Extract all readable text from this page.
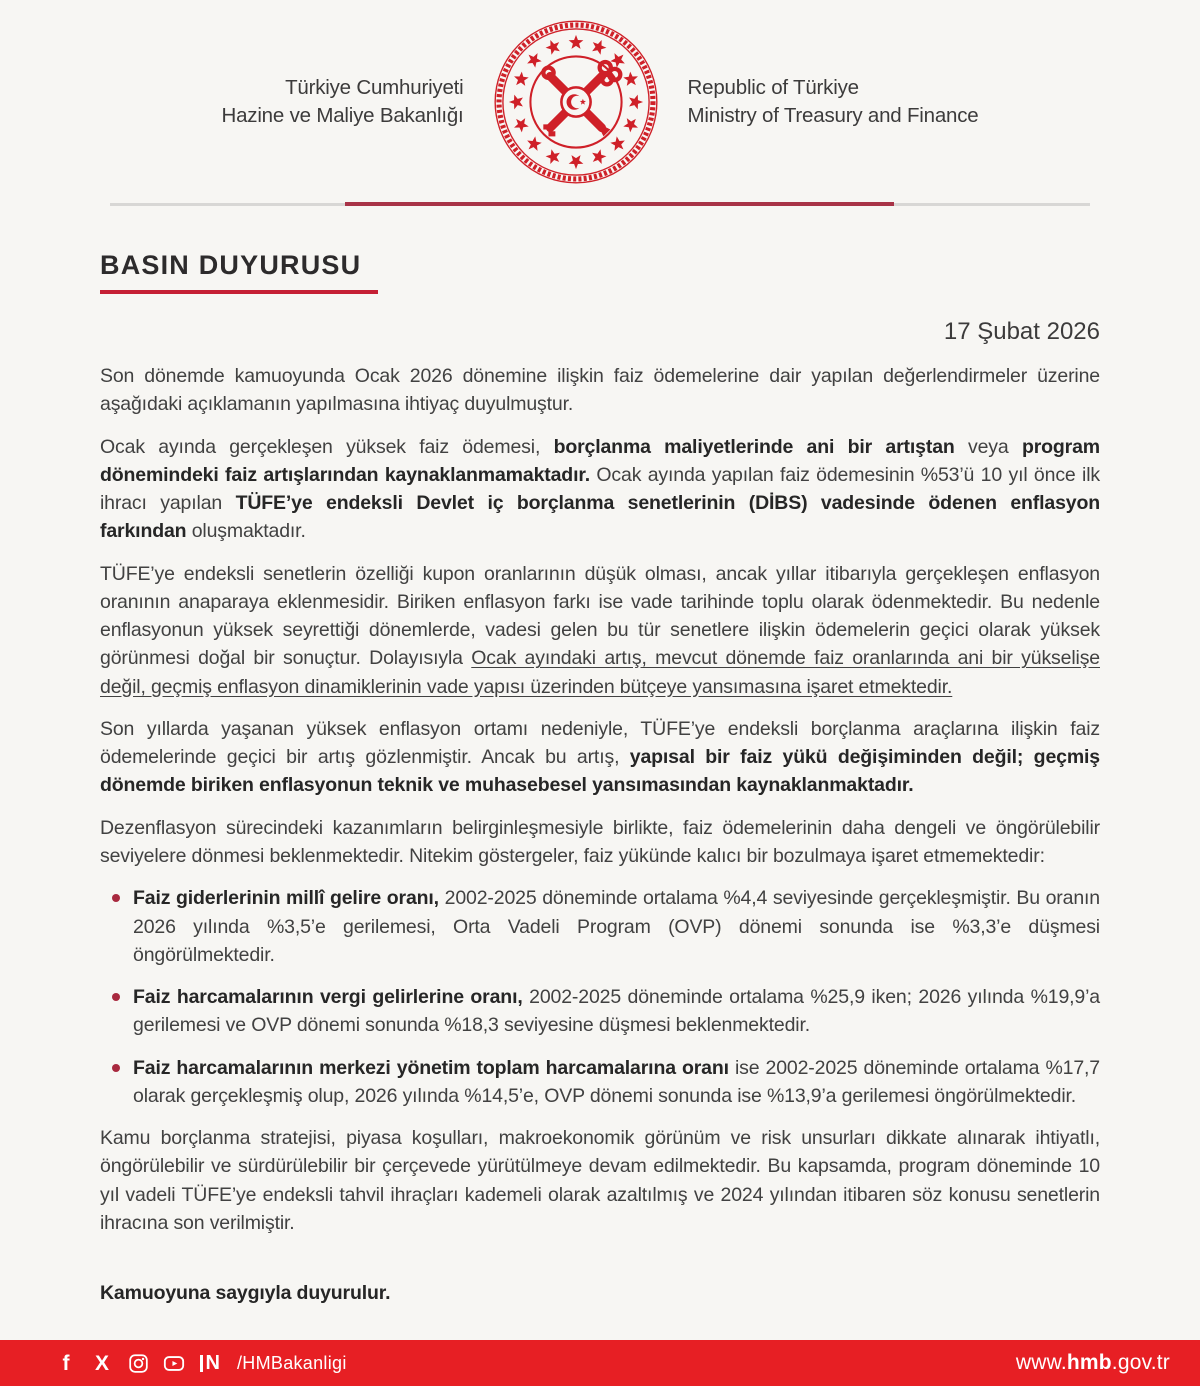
Türkiye Cumhuriyeti
Hazine ve Maliye Bakanlığı
Republic of Türkiye
Ministry of Treasury and Finance
BASIN DUYURUSU
17 Şubat 2026

Son dönemde kamuoyunda Ocak 2026 dönemine ilişkin faiz ödemelerine dair yapılan değerlendirmeler üzerine aşağıdaki açıklamanın yapılmasına ihtiyaç duyulmuştur.

Ocak ayında gerçekleşen yüksek faiz ödemesi, borçlanma maliyetlerinde ani bir artıştan veya program dönemindeki faiz artışlarından kaynaklanmamaktadır. Ocak ayında yapılan faiz ödemesinin %53’ü 10 yıl önce ilk ihracı yapılan TÜFE’ye endeksli Devlet iç borçlanma senetlerinin (DİBS) vadesinde ödenen enflasyon farkından oluşmaktadır.

TÜFE’ye endeksli senetlerin özelliği kupon oranlarının düşük olması, ancak yıllar itibarıyla gerçekleşen enflasyon oranının anaparaya eklenmesidir. Biriken enflasyon farkı ise vade tarihinde toplu olarak ödenmektedir. Bu nedenle enflasyonun yüksek seyrettiği dönemlerde, vadesi gelen bu tür senetlere ilişkin ödemelerin geçici olarak yüksek görünmesi doğal bir sonuçtur. Dolayısıyla Ocak ayındaki artış, mevcut dönemde faiz oranlarında ani bir yükselişe değil, geçmiş enflasyon dinamiklerinin vade yapısı üzerinden bütçeye yansımasına işaret etmektedir.

Son yıllarda yaşanan yüksek enflasyon ortamı nedeniyle, TÜFE’ye endeksli borçlanma araçlarına ilişkin faiz ödemelerinde geçici bir artış gözlenmiştir. Ancak bu artış, yapısal bir faiz yükü değişiminden değil; geçmiş dönemde biriken enflasyonun teknik ve muhasebesel yansımasından kaynaklanmaktadır.

Dezenflasyon sürecindeki kazanımların belirginleşmesiyle birlikte, faiz ödemelerinin daha dengeli ve öngörülebilir seviyelere dönmesi beklenmektedir. Nitekim göstergeler, faiz yükünde kalıcı bir bozulmaya işaret etmemektedir:

Faiz giderlerinin millî gelire oranı, 2002-2025 döneminde ortalama %4,4 seviyesinde gerçekleşmiştir. Bu oranın 2026 yılında %3,5’e gerilemesi, Orta Vadeli Program (OVP) dönemi sonunda ise %3,3’e düşmesi öngörülmektedir.
Faiz harcamalarının vergi gelirlerine oranı, 2002-2025 döneminde ortalama %25,9 iken; 2026 yılında %19,9’a gerilemesi ve OVP dönemi sonunda %18,3 seviyesine düşmesi beklenmektedir.
Faiz harcamalarının merkezi yönetim toplam harcamalarına oranı ise 2002-2025 döneminde ortalama %17,7 olarak gerçekleşmiş olup, 2026 yılında %14,5’e, OVP dönemi sonunda ise %13,9’a gerilemesi öngörülmektedir.

Kamu borçlanma stratejisi, piyasa koşulları, makroekonomik görünüm ve risk unsurları dikkate alınarak ihtiyatlı, öngörülebilir ve sürdürülebilir bir çerçevede yürütülmeye devam edilmektedir. Bu kapsamda, program döneminde 10 yıl vadeli TÜFE’ye endeksli tahvil ihraçları kademeli olarak azaltılmış ve 2024 yılından itibaren söz konusu senetlerin ihracına son verilmiştir.

Kamuoyuna saygıyla duyurulur.

f	X	N /HMBakanligi	www.hmb.gov.tr
